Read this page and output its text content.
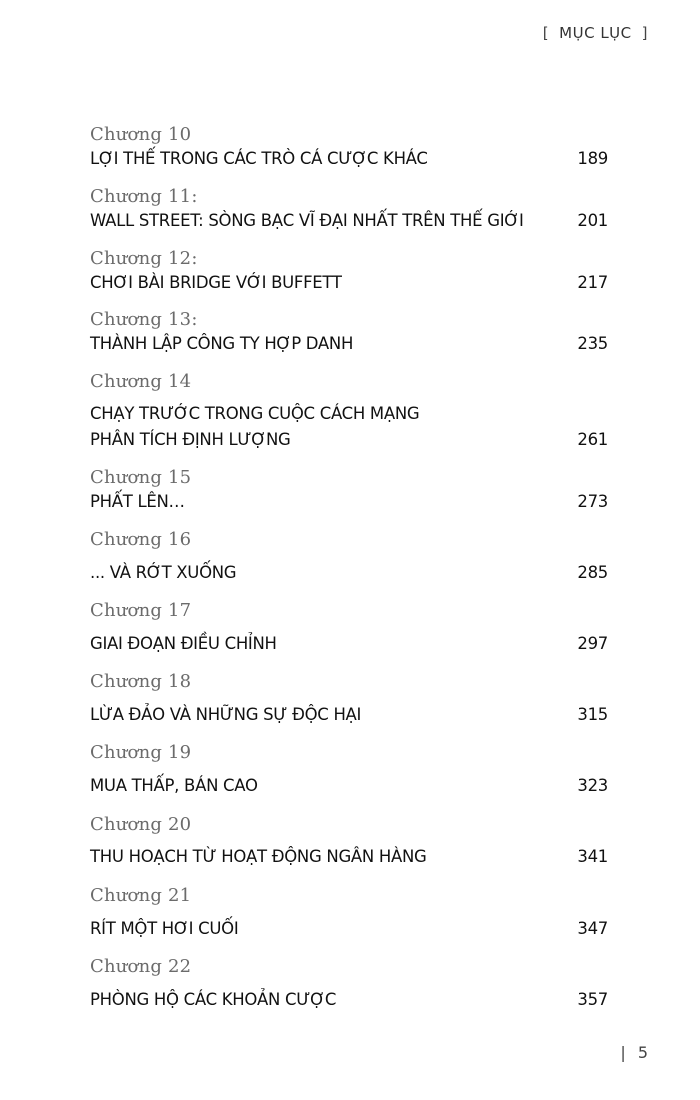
[ MỤC LỤC ]
Chương 10
LỢI THẾ TRONG CÁC TRÒ CÁ CƯỢC KHÁC	189
Chương 11:
WALL STREET: SÒNG BẠC VĨ ĐẠI NHẤT TRÊN THẾ GIỚI	201
Chương 12:
CHƠI BÀI BRIDGE VỚI BUFFETT	217
Chương 13:
THÀNH LẬP CÔNG TY HỢP DANH	235
Chương 14
CHẠY TRƯỚC TRONG CUỘC CÁCH MẠNG
PHÂN TÍCH ĐỊNH LƯỢNG	261
Chương 15
PHẤT LÊN…	273
Chương 16
... VÀ RỚT XUỐNG	285
Chương 17
GIAI ĐOẠN ĐIỀU CHỈNH	297
Chương 18
LỪA ĐẢO VÀ NHỮNG SỰ ĐỘC HẠI	315
Chương 19
MUA THẤP, BÁN CAO	323
Chương 20
THU HOẠCH TỪ HOẠT ĐỘNG NGÂN HÀNG	341
Chương 21
RÍT MỘT HƠI CUỐI	347
Chương 22
PHÒNG HỘ CÁC KHOẢN CƯỢC	357
| 5
